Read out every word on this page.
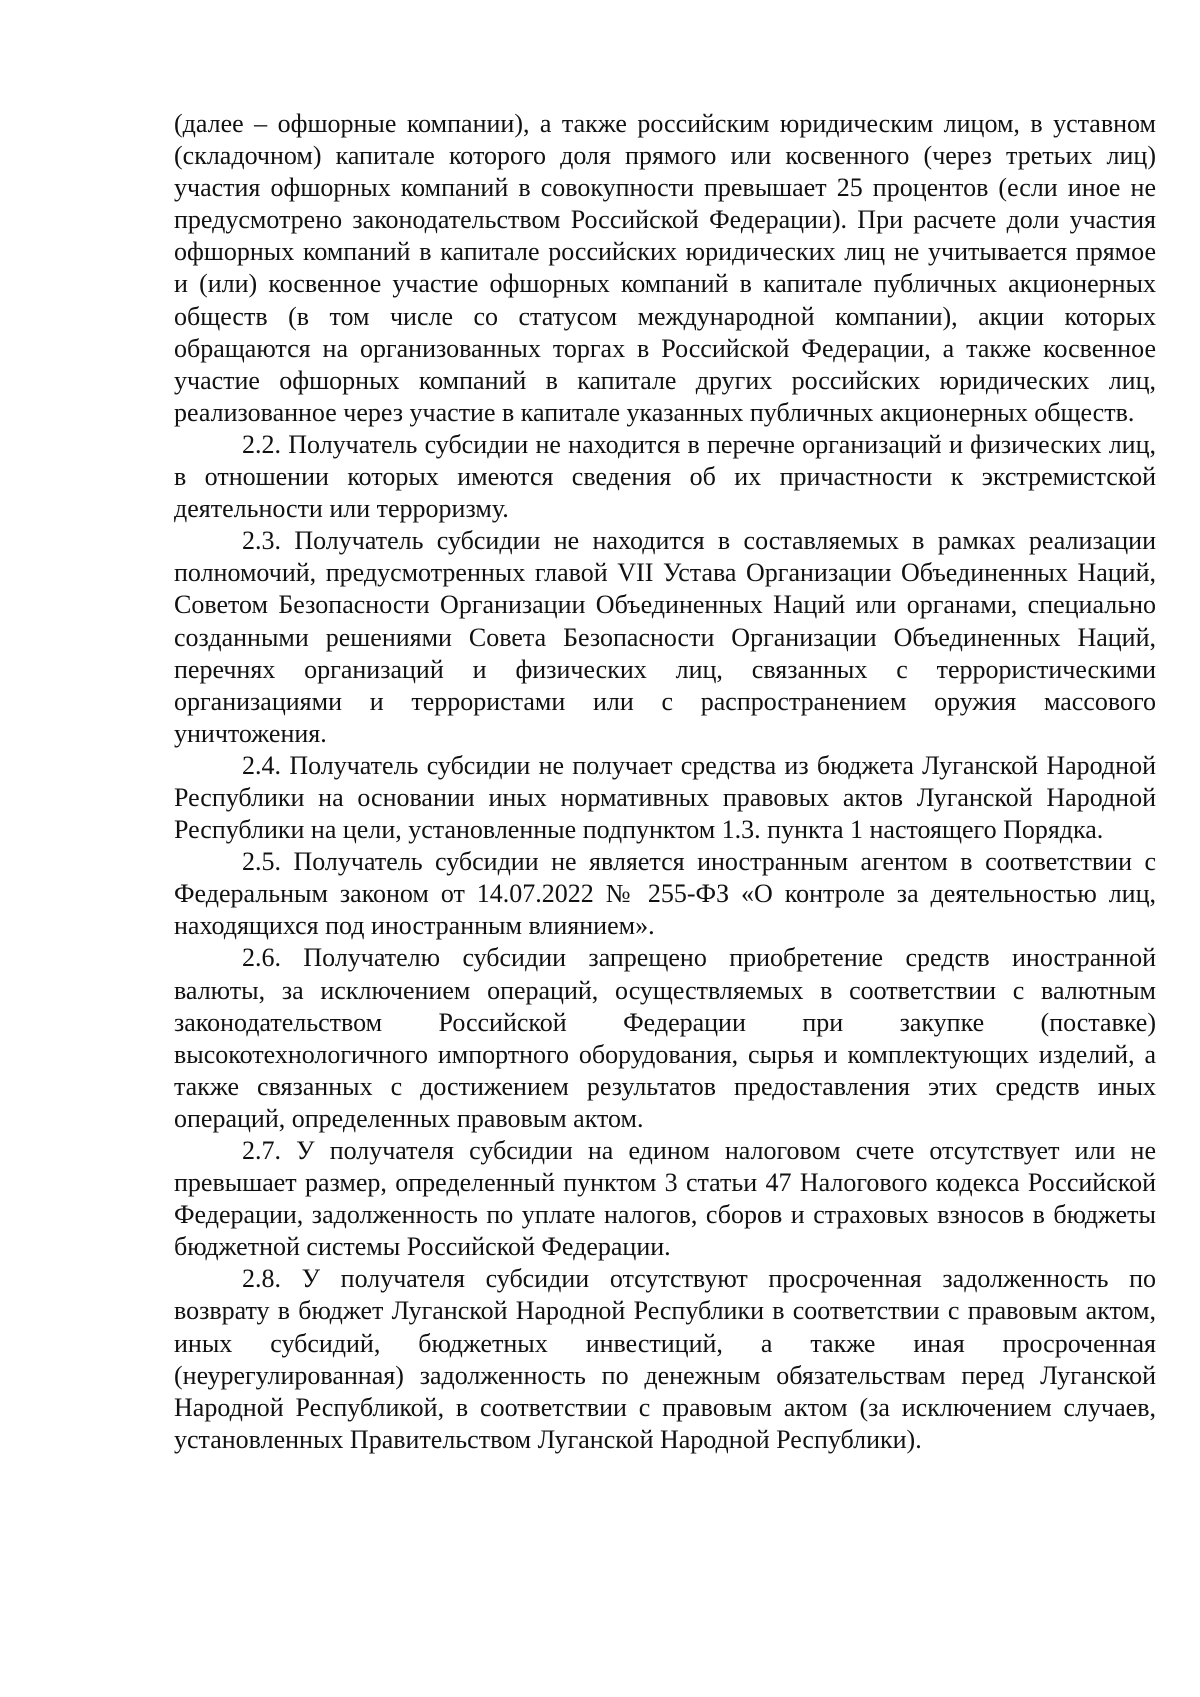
(далее – офшорные компании), а также российским юридическим лицом, в уставном (складочном) капитале которого доля прямого или косвенного (через третьих лиц) участия офшорных компаний в совокупности превышает 25 процентов (если иное не предусмотрено законодательством Российской Федерации). При расчете доли участия офшорных компаний в капитале российских юридических лиц не учитывается прямое и (или) косвенное участие офшорных компаний в капитале публичных акционерных обществ (в том числе со статусом международной компании), акции которых обращаются на организованных торгах в Российской Федерации, а также косвенное участие офшорных компаний в капитале других российских юридических лиц, реализованное через участие в капитале указанных публичных акционерных обществ.

2.2. Получатель субсидии не находится в перечне организаций и физических лиц, в отношении которых имеются сведения об их причастности к экстремистской деятельности или терроризму.

2.3. Получатель субсидии не находится в составляемых в рамках реализации полномочий, предусмотренных главой VII Устава Организации Объединенных Наций, Советом Безопасности Организации Объединенных Наций или органами, специально созданными решениями Совета Безопасности Организации Объединенных Наций, перечнях организаций и физических лиц, связанных с террористическими организациями и террористами или с распространением оружия массового уничтожения.

2.4. Получатель субсидии не получает средства из бюджета Луганской Народной Республики на основании иных нормативных правовых актов Луганской Народной Республики на цели, установленные подпунктом 1.3. пункта 1 настоящего Порядка.

2.5. Получатель субсидии не является иностранным агентом в соответствии с Федеральным законом от 14.07.2022 № 255-ФЗ «О контроле за деятельностью лиц, находящихся под иностранным влиянием».

2.6. Получателю субсидии запрещено приобретение средств иностранной валюты, за исключением операций, осуществляемых в соответствии с валютным законодательством Российской Федерации при закупке (поставке) высокотехнологичного импортного оборудования, сырья и комплектующих изделий, а также связанных с достижением результатов предоставления этих средств иных операций, определенных правовым актом.

2.7. У получателя субсидии на едином налоговом счете отсутствует или не превышает размер, определенный пунктом 3 статьи 47 Налогового кодекса Российской Федерации, задолженность по уплате налогов, сборов и страховых взносов в бюджеты бюджетной системы Российской Федерации.

2.8. У получателя субсидии отсутствуют просроченная задолженность по возврату в бюджет Луганской Народной Республики в соответствии с правовым актом, иных субсидий, бюджетных инвестиций, а также иная просроченная (неурегулированная) задолженность по денежным обязательствам перед Луганской Народной Республикой, в соответствии с правовым актом (за исключением случаев, установленных Правительством Луганской Народной Республики).
